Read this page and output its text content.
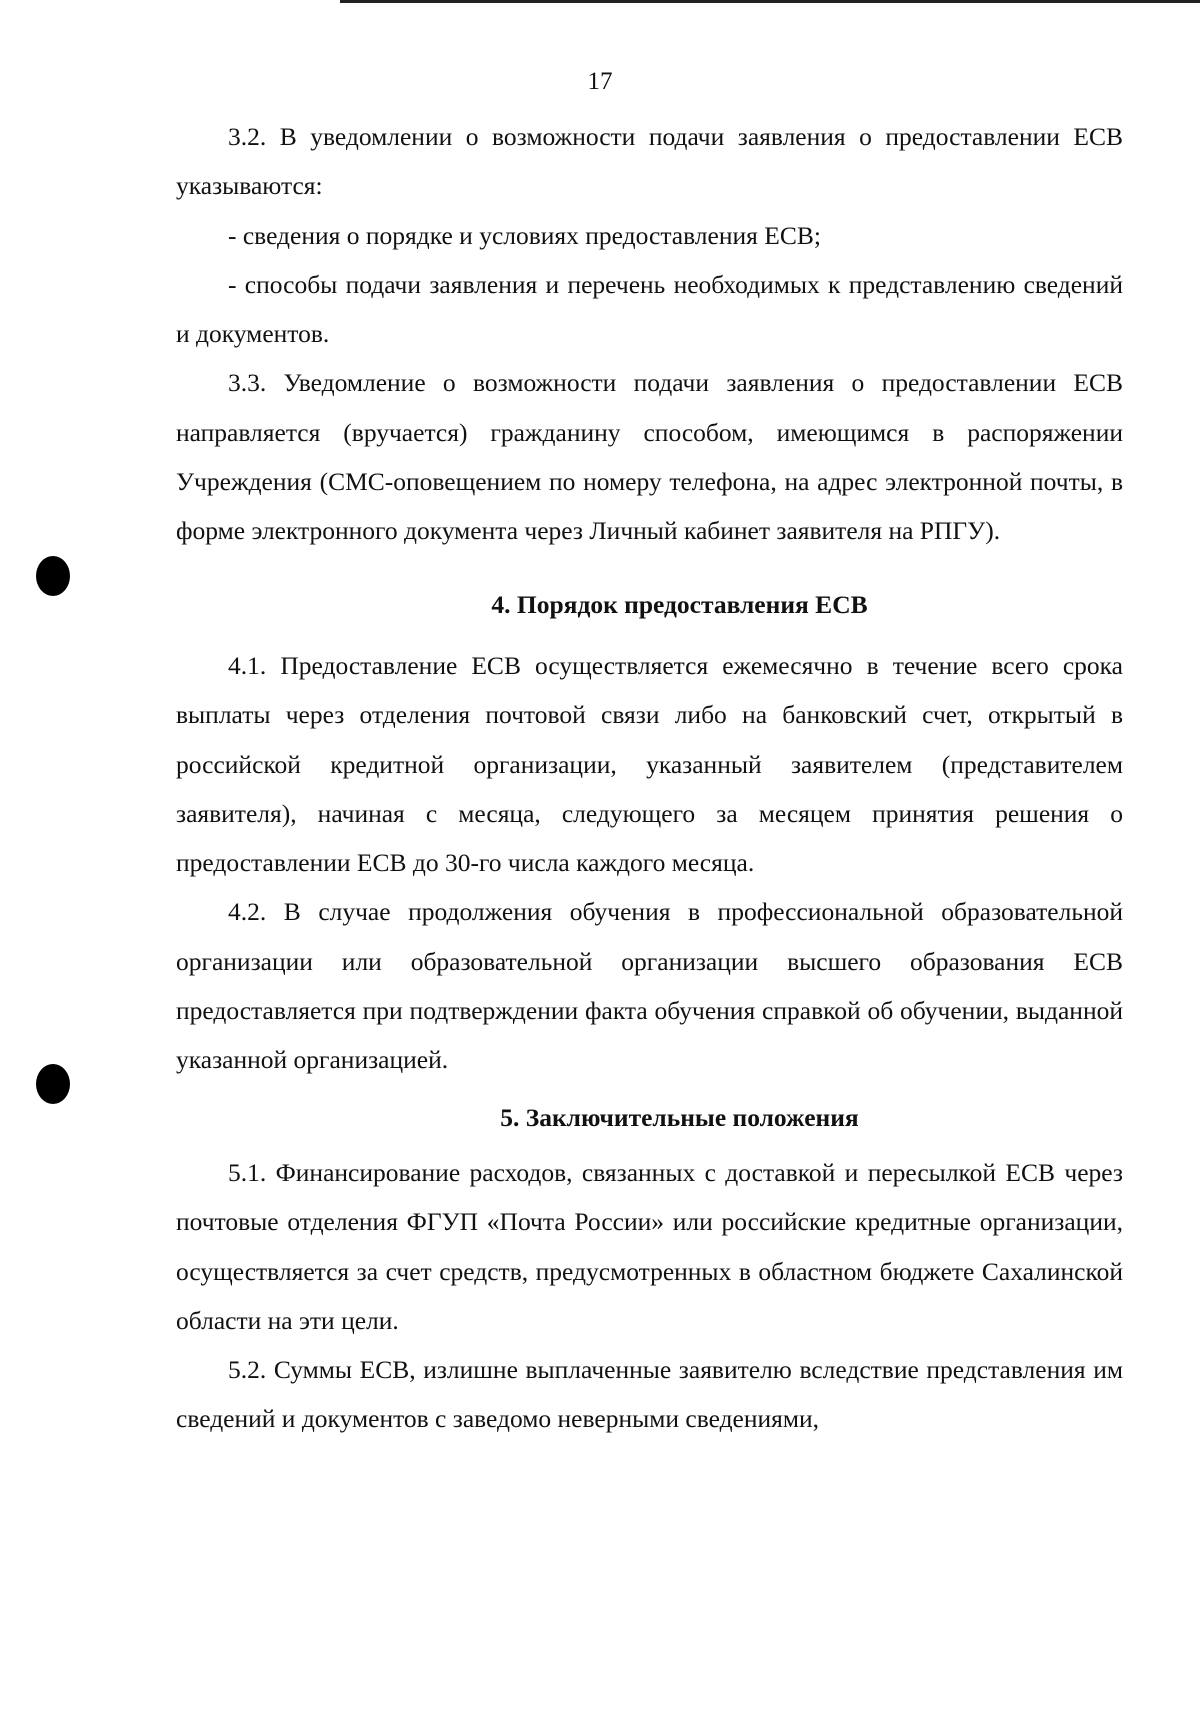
17

3.2. В уведомлении о возможности подачи заявления о предоставлении ЕСВ указываются:

- сведения о порядке и условиях предоставления ЕСВ;

- способы подачи заявления и перечень необходимых к представлению сведений и документов.

3.3. Уведомление о возможности подачи заявления о предоставлении ЕСВ направляется (вручается) гражданину способом, имеющимся в распоряжении Учреждения (СМС-оповещением по номеру телефона, на адрес электронной почты, в форме электронного документа через Личный кабинет заявителя на РПГУ).

4. Порядок предоставления ЕСВ

4.1. Предоставление ЕСВ осуществляется ежемесячно в течение всего срока выплаты через отделения почтовой связи либо на банковский счет, открытый в российской кредитной организации, указанный заявителем (представителем заявителя), начиная с месяца, следующего за месяцем принятия решения о предоставлении ЕСВ до 30-го числа каждого месяца.

4.2. В случае продолжения обучения в профессиональной образовательной организации или образовательной организации высшего образования ЕСВ предоставляется при подтверждении факта обучения справкой об обучении, выданной указанной организацией.

5. Заключительные положения

5.1. Финансирование расходов, связанных с доставкой и пересылкой ЕСВ через почтовые отделения ФГУП «Почта России» или российские кредитные организации, осуществляется за счет средств, предусмотренных в областном бюджете Сахалинской области на эти цели.

5.2. Суммы ЕСВ, излишне выплаченные заявителю вследствие представления им сведений и документов с заведомо неверными сведениями,
